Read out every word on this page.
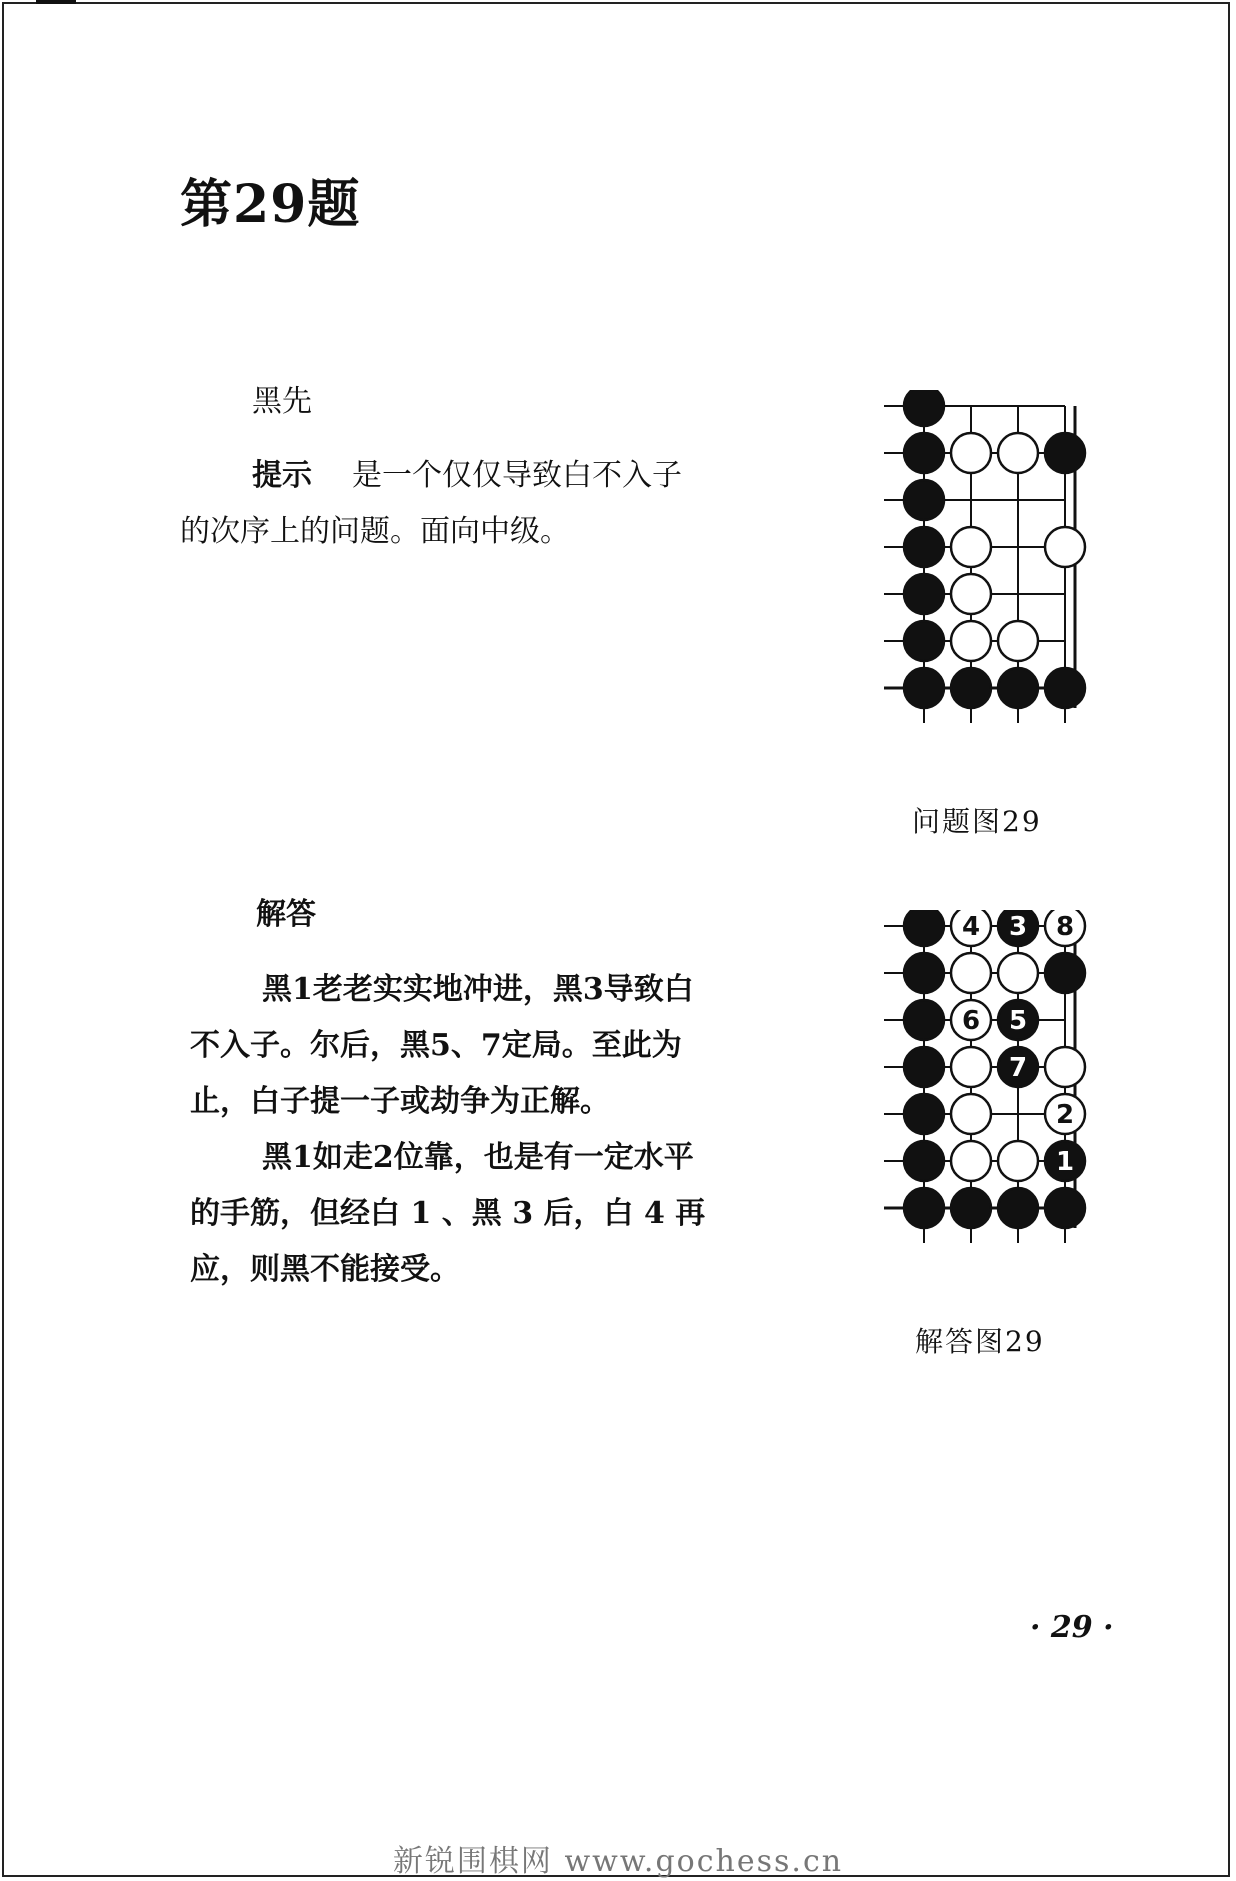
第29题
黑先
提示 是一个仅仅导致白不入子
的次序上的问题。面向中级。
问题图29
解答
黑1老老实实地冲进，黑3导致白
不入子。尔后，黑5、7定局。至此为
止，白子提一子或劫争为正解。
黑1如走2位靠，也是有一定水平
的手筋，但经白 1 、黑 3 后，白 4 再
应，则黑不能接受。
4 3 8
6 5
7
2
1
解答图29
· 29 ·
新锐围棋网 www.gochess.cn
